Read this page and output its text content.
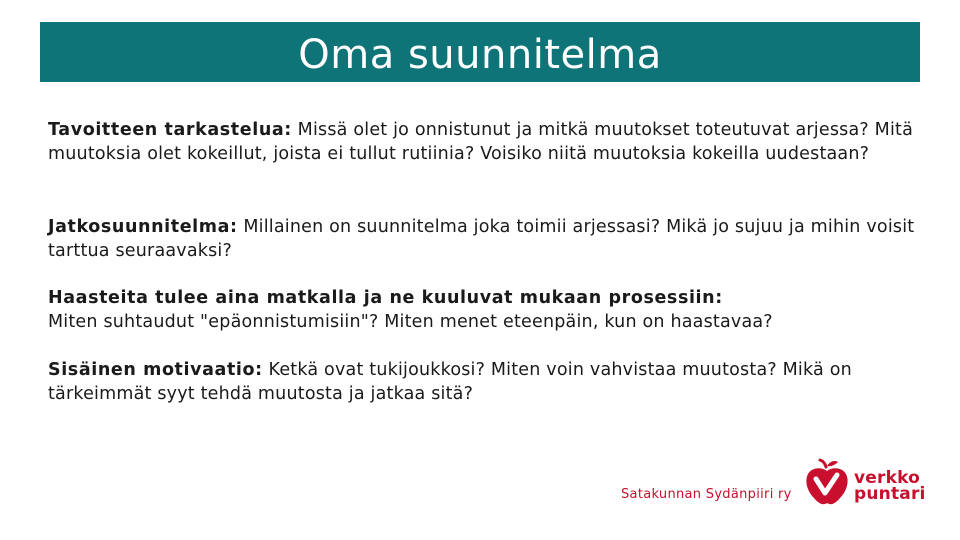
Oma suunnitelma

Tavoitteen tarkastelua: Missä olet jo onnistunut ja mitkä muutokset toteutuvat arjessa? Mitä muutoksia olet kokeillut, joista ei tullut rutiinia? Voisiko niitä muutoksia kokeilla uudestaan?

Jatkosuunnitelma: Millainen on suunnitelma joka toimii arjessasi? Mikä jo sujuu ja mihin voisit tarttua seuraavaksi?

Haasteita tulee aina matkalla ja ne kuuluvat mukaan prosessiin:
Miten suhtaudut "epäonnistumisiin"? Miten menet eteenpäin, kun on haastavaa?

Sisäinen motivaatio: Ketkä ovat tukijoukkosi? Miten voin vahvistaa muutosta? Mikä on tärkeimmät syyt tehdä muutosta ja jatkaa sitä?

Satakunnan Sydänpiiri ry
verkko
puntari
